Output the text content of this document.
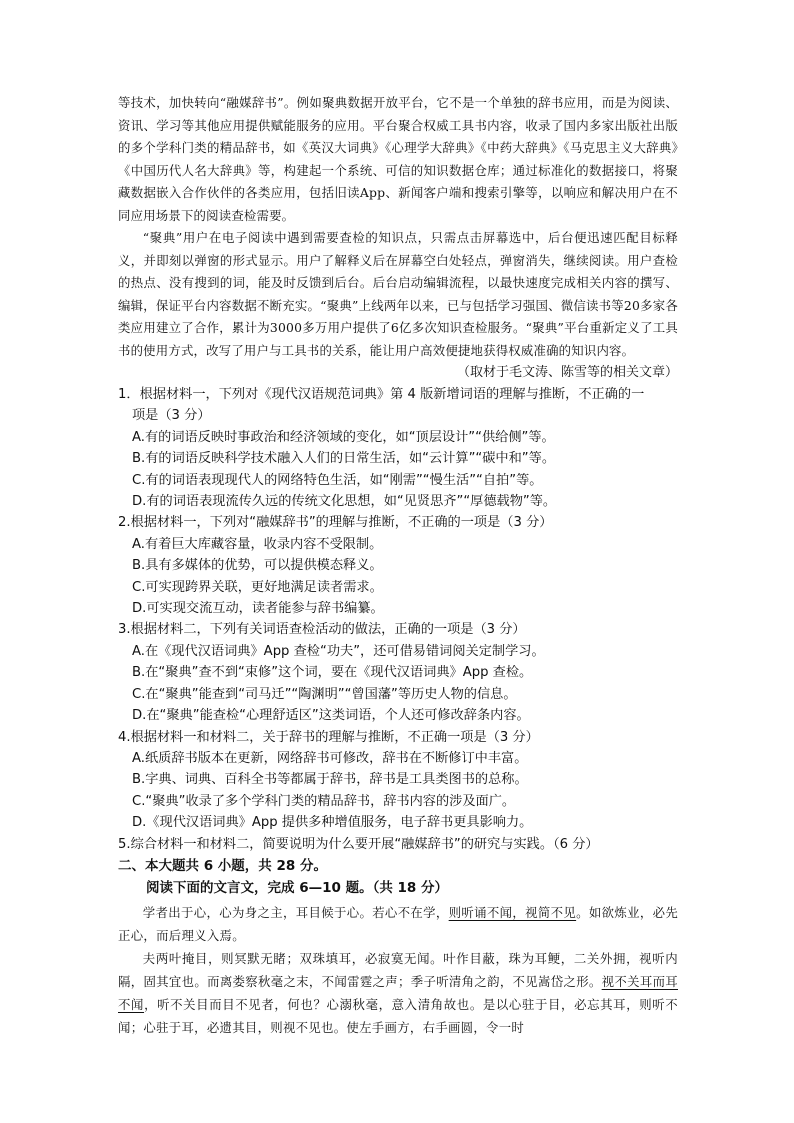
等技术，加快转向“融媒辞书”。例如聚典数据开放平台，它不是一个单独的辞书应用，而是为阅读、资讯、学习等其他应用提供赋能服务的应用。平台聚合权威工具书内容，收录了国内多家出版社出版的多个学科门类的精品辞书，如《英汉大词典》《心理学大辞典》《中药大辞典》《马克思主义大辞典》《中国历代人名大辞典》等，构建起一个系统、可信的知识数据仓库；通过标准化的数据接口，将聚藏数据嵌入合作伙伴的各类应用，包括旧读App、新闻客户端和搜索引擎等，以响应和解决用户在不同应用场景下的阅读查检需要。

“聚典”用户在电子阅读中遇到需要查检的知识点，只需点击屏幕选中，后台便迅速匹配目标释义，并即刻以弹窗的形式显示。用户了解释义后在屏幕空白处轻点，弹窗消失，继续阅读。用户查检的热点、没有搜到的词，能及时反馈到后台。后台启动编辑流程，以最快速度完成相关内容的撰写、编辑，保证平台内容数据不断充实。“聚典”上线两年以来，已与包括学习强国、微信读书等20多家各类应用建立了合作，累计为3000多万用户提供了6亿多次知识查检服务。“聚典”平台重新定义了工具书的使用方式，改写了用户与工具书的关系，能让用户高效便捷地获得权威准确的知识内容。

（取材于毛文涛、陈雪等的相关文章）

1．根据材料一，下列对《现代汉语规范词典》第 4 版新增词语的理解与推断，不正确的一

项是（3 分）

A.有的词语反映时事政治和经济领域的变化，如“顶层设计”“供给侧”等。

B.有的词语反映科学技术融入人们的日常生活，如“云计算”“碳中和”等。

C.有的词语表现现代人的网络特色生活，如“刚需”“慢生活”“自拍”等。

D.有的词语表现流传久远的传统文化思想，如“见贤思齐”“厚德载物”等。

2.根据材料一，下列对“融媒辞书”的理解与推断，不正确的一项是（3 分）

A.有着巨大库藏容量，收录内容不受限制。

B.具有多媒体的优势，可以提供模态释义。

C.可实现跨界关联，更好地满足读者需求。

D.可实现交流互动，读者能参与辞书编纂。

3.根据材料二，下列有关词语查检活动的做法，正确的一项是（3 分）

A.在《现代汉语词典》App 查检“功夫”，还可借易错词阅关定制学习。

B.在“聚典”查不到“束修”这个词，要在《现代汉语词典》App 查检。

C.在“聚典”能查到“司马迁”“陶渊明”“曾国藩”等历史人物的信息。

D.在“聚典”能查检“心理舒适区”这类词语，个人还可修改辞条内容。

4.根据材料一和材料二，关于辞书的理解与推断，不正确一项是（3 分）

A.纸质辞书版本在更新，网络辞书可修改，辞书在不断修订中丰富。

B.字典、词典、百科全书等都属于辞书，辞书是工具类图书的总称。

C.“聚典”收录了多个学科门类的精品辞书，辞书内容的涉及面广。

D.《现代汉语词典》App 提供多种增值服务，电子辞书更具影响力。

5.综合材料一和材料二，简要说明为什么要开展“融媒辞书”的研究与实践。（6 分）

二、本大题共 6 小题，共 28 分。

阅读下面的文言文，完成 6—10 题。（共 18 分）

学者出于心，心为身之主，耳目候于心。若心不在学，则听诵不闻，视简不见。如欲炼业，必先正心，而后理义入焉。

夫两叶掩目，则冥默无睹；双珠填耳，必寂寞无闻。叶作目蔽，珠为耳鲠，二关外拥，视听内隔，固其宜也。而离娄察秋毫之末，不闻雷霆之声；季子听清角之韵，不见嵩岱之形。视不关耳而耳不闻，听不关目而目不见者，何也？心溺秋毫，意入清角故也。是以心驻于目，必忘其耳，则听不闻；心驻于耳，必遗其目，则视不见也。使左手画方，右手画圆，令一时
